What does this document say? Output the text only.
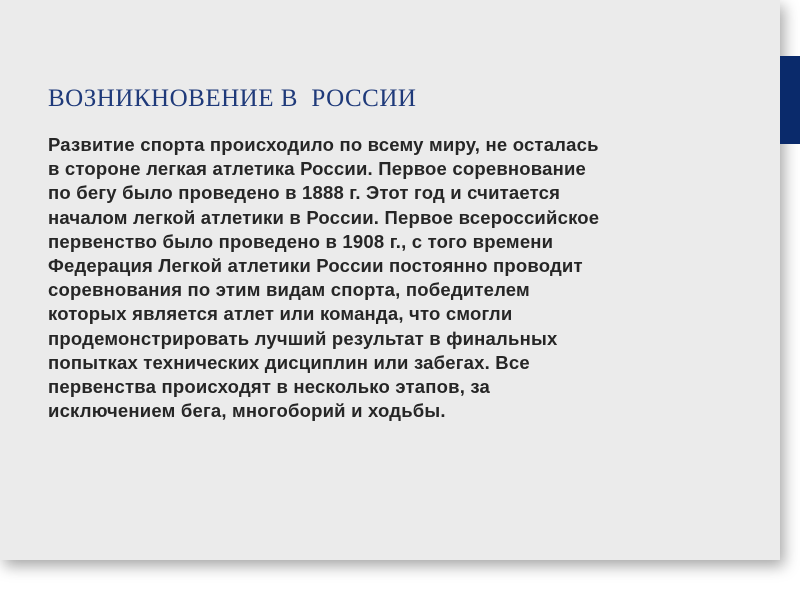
ВОЗНИКНОВЕНИЕ В  РОССИИ
Развитие спорта происходило по всему миру, не осталась
в стороне легкая атлетика России. Первое соревнование
по бегу было проведено в 1888 г. Этот год и считается
началом легкой атлетики в России. Первое всероссийское
первенство было проведено в 1908 г., с того времени
Федерация Легкой атлетики России постоянно проводит
соревнования по этим видам спорта, победителем
которых является атлет или команда, что смогли
продемонстрировать лучший результат в финальных
попытках технических дисциплин или забегах. Все
первенства происходят в несколько этапов, за
исключением бега, многоборий и ходьбы.
